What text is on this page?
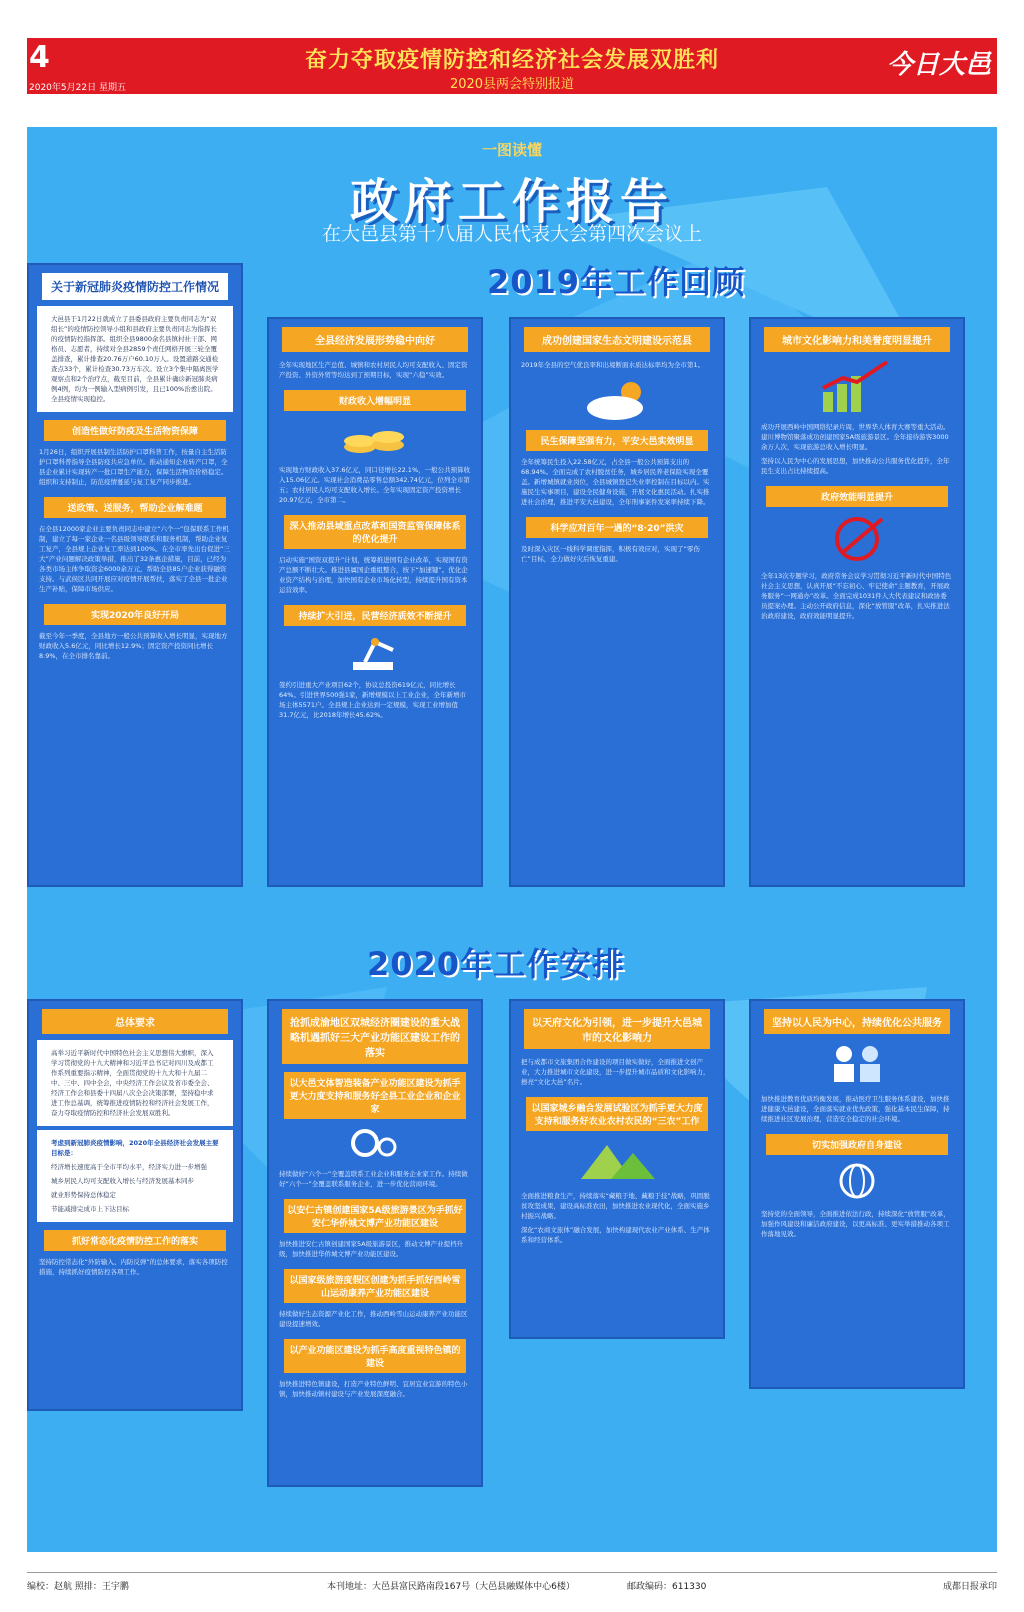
4
2020年5月22日 星期五
奋力夺取疫情防控和经济社会发展双胜利
2020县两会特别报道
今日大邑
一图读懂
政府工作报告
在大邑县第十八届人民代表大会第四次会议上
2019年工作回顾
关于新冠肺炎疫情防控工作情况
大邑县于1月22日就成立了县委县政府主要负责同志为“双组长”的疫情防控领导小组和县政府主要负责同志为指挥长的疫情防控指挥部。组织全县9800余名县镇村社干部、网格员、志愿者，持续对全县2859个责任网格开展三轮全覆盖排查，累计排查20.76万户60.10万人。设置道路交通检查点33个，累计检查30.73万车次。设立3个集中隔离医学观察点和2个治疗点，截至目前，全县累计确诊新冠肺炎病例4例，均为一例输入型病例引发，且已100%治愈出院。全县疫情实现稳控。
创造性做好防疫及生活物资保障
1月26日，组织开展县制生活防护口罩科普工作，按量自主生活防护口罩科普指导全县防疫共应急单位。推动通知企业转产口罩，全县企业累计实现转产一批口罩生产能力，保障生活物资价格稳定。组织和支持制止，防范疫情蔓延与复工复产同步推进。
送政策、送服务，帮助企业解难题
在全县12000家企业主要负责同志中建立“六个一”包保联系工作机制，建立了每一家企业一名县级领导联系和服务机制，帮助企业复工复产，全县规上企业复工率达到100%。在全市率先出台促进“三大”产业问题解决政策举措，推出了32条惠企措施，目前，已经为各类市场主体争取资金6000余万元，帮助全县85户企业获得融资支持。与武侯区共同开展应对疫情开展帮扶，落实了全县一批企业生产补贴，保障市场供应。
实现2020年良好开局
截至今年一季度，全县地方一般公共预算收入增长明显，实现地方财政收入5.6亿元，同比增长12.9%；固定资产投资同比增长8.9%，在全市排名靠前。
全县经济发展形势稳中向好
全年实现地区生产总值、城镇和农村居民人均可支配收入、固定资产投资、外资外贸等均达到了预期目标，实现“六稳”实效。
财政收入增幅明显
实现地方财政收入37.6亿元，同口径增长22.1%，一般公共预算收入15.06亿元。实现社会消费品零售总额342.74亿元，位列全市第五；农村居民人均可支配收入增长。全年实现固定资产投资增长20.97亿元，全市第二。
深入推动县域重点改革和国资监管保障体系的优化提升
启动实施“国资双提升”计划，统筹推进国有企业改革，实现国有资产总额不断壮大。推进县属国企重组整合，按下“加速键”。优化企业资产结构与治理，加快国有企业市场化转型，持续提升国有资本运营效率。
持续扩大引进，民营经济质效不断提升
签约引进重大产业项目62个，协议总投资619亿元，同比增长64%。引进世界500强1家，新增规模以上工业企业，全年新增市场主体5571户。全县规上企业达到一定规模，实现工业增加值31.7亿元，比2018年增长45.62%。
成功创建国家生态文明建设示范县
2019年全县的空气优良率和出境断面水质达标率均为全市第1。
民生保障坚强有力，平安大邑实效明显
全年统筹民生投入22.58亿元，占全县一般公共预算支出的68.94%。全面完成了农村脱贫任务，城乡居民养老保险实现全覆盖。新增城镇就业岗位，全县城镇登记失业率控制在目标以内。实施民生实事项目，建设全民健身设施，开展文化惠民活动。扎实推进社会治理，推进平安大邑建设，全年刑事案件发案率持续下降。
科学应对百年一遇的“8·20”洪灾
及时深入灾区一线科学调度指挥，积极有效应对，实现了“零伤亡”目标，全力做好灾后恢复重建。
城市文化影响力和美誉度明显提升
成功开展西岭中国网络纪录片周，世界华人体育大赛等重大活动。建川博物馆聚落成功创建国家5A级旅游景区。全年接待游客3000余万人次，实现旅游总收入增长明显。
坚持以人民为中心的发展思想，加快推动公共服务优化提升，全年民生支出占比持续提高。
政府效能明显提升
全年13次专题学习，政府常务会议学习贯彻习近平新时代中国特色社会主义思想，认真开展“不忘初心、牢记使命”主题教育，开展政务服务“一网通办”改革。全面完成1031件人大代表建议和政协委员提案办理。主动公开政府信息，深化“放管服”改革，扎实推进法治政府建设，政府效能明显提升。
2020年工作安排
总体要求
高举习近平新时代中国特色社会主义思想伟大旗帜，深入学习贯彻党的十九大精神和习近平总书记对四川及成都工作系列重要指示精神，全面贯彻党的十九大和十九届二中、三中、四中全会，中央经济工作会议及省市委全会、经济工作会和县委十四届八次全会决策部署，坚持稳中求进工作总基调，统筹推进疫情防控和经济社会发展工作，奋力夺取疫情防控和经济社会发展双胜利。
考虑到新冠肺炎疫情影响，2020年全县经济社会发展主要目标是：
经济增长速度高于全市平均水平，经济实力进一步增强
城乡居民人均可支配收入增长与经济发展基本同步
就业形势保持总体稳定
节能减排完成市上下达目标
抓好常态化疫情防控工作的落实
坚持防控常态化“外防输入、内防反弹”的总体要求，落实各项防控措施，持续抓好疫情防控各项工作。
抢抓成渝地区双城经济圈建设的重大战略机遇抓好三大产业功能区建设工作的落实
以大邑文体智造装备产业功能区建设为抓手更大力度支持和服务好全县工业企业和企业家
持续做好“六个一”全覆盖联系工业企业和服务企业家工作。持续做好“六个一”全覆盖联系服务企业，进一步优化营商环境。
以安仁古镇创建国家5A级旅游景区为手抓好安仁华侨城文博产业功能区建设
加快推进安仁古镇创建国家5A级旅游景区，推动文博产业提档升级，加快推进华侨城文博产业功能区建设。
以国家级旅游度假区创建为抓手抓好西岭雪山运动康养产业功能区建设
持续做好生态资源产业化工作，推动西岭雪山运动康养产业功能区建设提速增效。
以产业功能区建设为抓手高度重视特色镇的建设
加快推进特色镇建设，打造产业特色鲜明、宜居宜业宜游的特色小镇，加快推动镇村建设与产业发展深度融合。
以天府文化为引领，进一步提升大邑城市的文化影响力
把与成都市文旅集团合作建设的项目做实做好，全面推进文创产业，大力推进城市文化建设，进一步提升城市品质和文化影响力，擦亮“文化大邑”名片。
以国家城乡融合发展试验区为抓手更大力度支持和服务好农业农村农民的“三农”工作
全面推进粮食生产，持续落实“藏粮于地、藏粮于技”战略，巩固脱贫攻坚成果，建设高标准农田，加快推进农业现代化，全面实施乡村振兴战略。
深化“农商文旅体”融合发展，加快构建现代农业产业体系、生产体系和经营体系。
坚持以人民为中心，持续优化公共服务
加快推进教育优质均衡发展，推动医疗卫生服务体系建设，加快推进健康大邑建设，全面落实就业优先政策，强化基本民生保障，持续推进社区发展治理，营造安全稳定的社会环境。
切实加强政府自身建设
坚持党的全面领导，全面推进依法行政，持续深化“放管服”改革，加强作风建设和廉洁政府建设，以更高标准、更实举措推动各项工作落地见效。
编校：赵航 照排：王宇鹏	本刊地址：大邑县富民路南段167号（大邑县融媒体中心6楼）	邮政编码：611330	成都日报承印
